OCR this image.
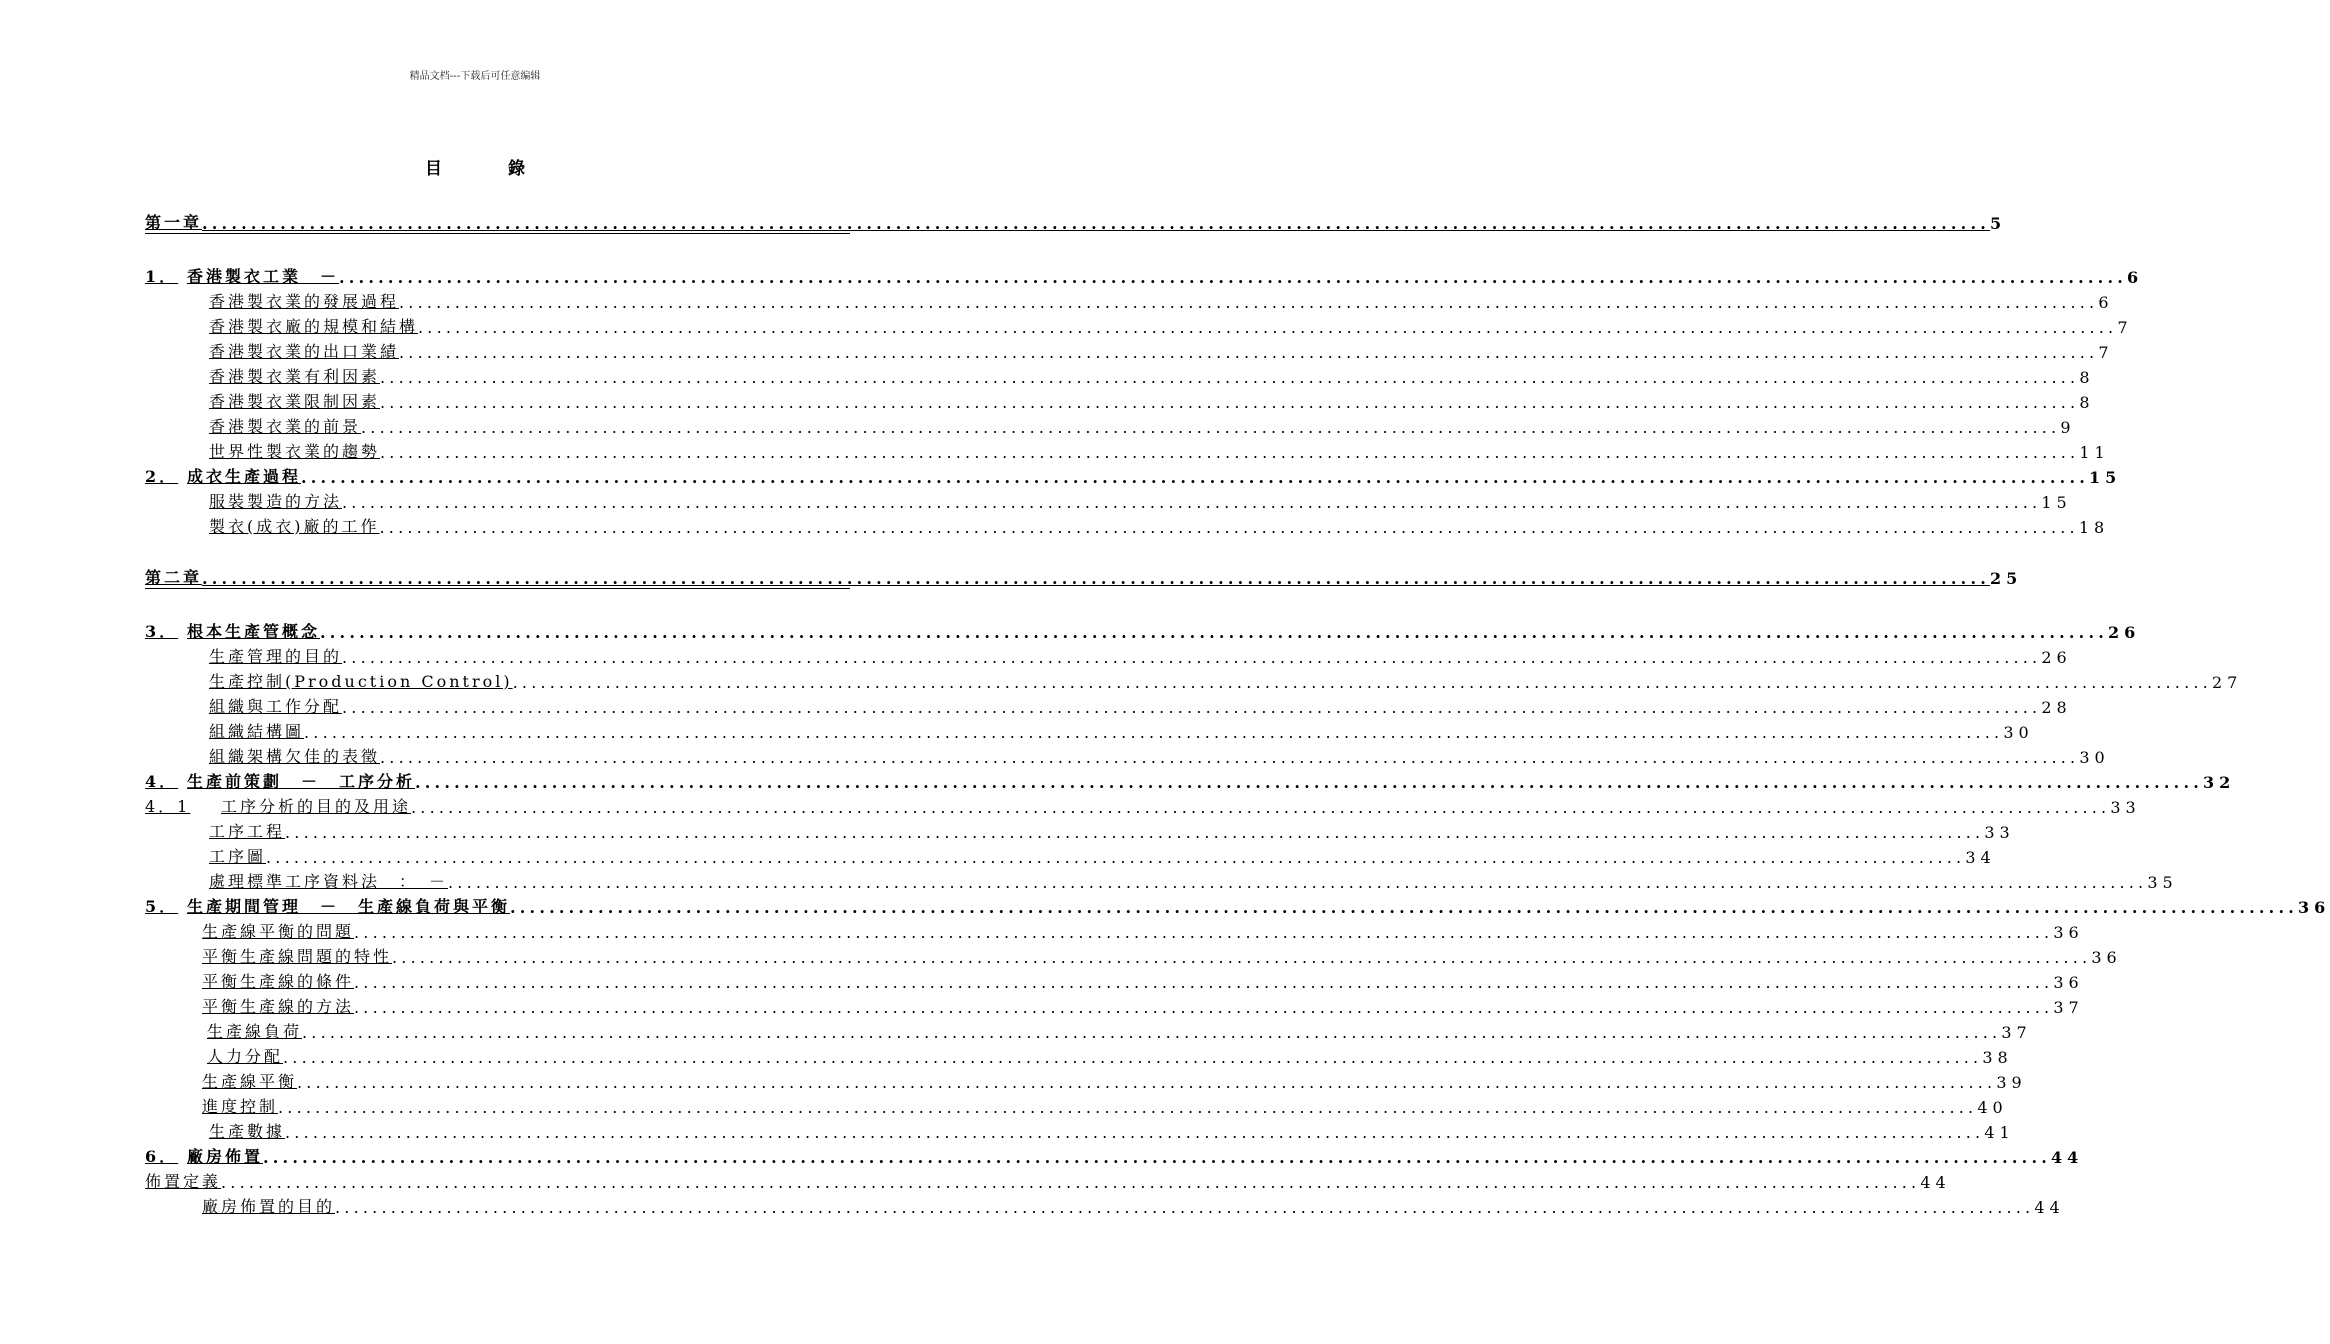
精品文档---下载后可任意编辑
目 錄
第一章 .....	5
1． 香港製衣工業　－ .....	6
香港製衣業的發展過程 .....	6
香港製衣廠的規模和結構 .....	7
香港製衣業的出口業績 .....	7
香港製衣業有利因素 .....	8
香港製衣業限制因素 .....	8
香港製衣業的前景 .....	9
世界性製衣業的趨勢 .....	11
2． 成衣生產過程 .....	15
服裝製造的方法 .....	15
製衣(成衣)廠的工作 .....	18
第二章 .....	25
3． 根本生產管概念 .....	26
生產管理的目的 .....	26
生產控制(Production Control) .....	27
組織與工作分配 .....	28
組織結構圖 .....	30
組織架構欠佳的表徵 .....	30
4． 生產前策劃　－　工序分析 .....	32
4．1	工序分析的目的及用途 .....	33
工序工程 .....	33
工序圖 .....	34
處理標準工序資料法　：　－ .....	35
5． 生產期間管理　－　生產線負荷與平衡 .....	36
生產線平衡的問題 .....	36
平衡生產線問題的特性 .....	36
平衡生產線的條件 .....	36
平衡生產線的方法 .....	37
生產線負荷 .....	37
人力分配 .....	38
生產線平衡 .....	39
進度控制 .....	40
生產數據 .....	41
6． 廠房佈置 .....	44
佈置定義 .....	44
廠房佈置的目的 .....	44
